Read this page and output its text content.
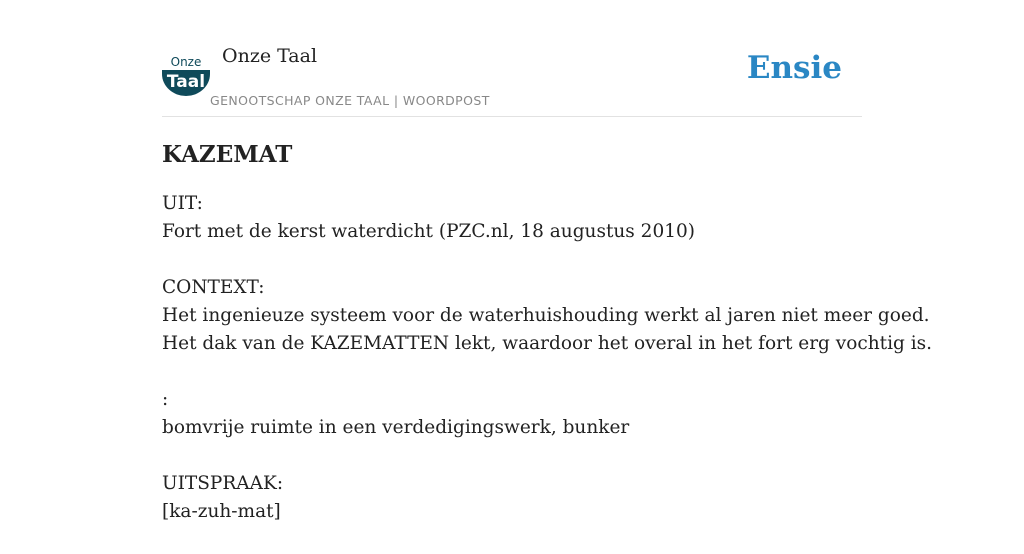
Onze
Taal
Onze Taal
GENOOTSCHAP ONZE TAAL | WOORDPOST
Ensie
KAZEMAT
UIT:
Fort met de kerst waterdicht (PZC.nl, 18 augustus 2010)
CONTEXT:
Het ingenieuze systeem voor de waterhuishouding werkt al jaren niet meer goed.
Het dak van de KAZEMATTEN lekt, waardoor het overal in het fort erg vochtig is.
:
bomvrije ruimte in een verdedigingswerk, bunker
UITSPRAAK:
[ka-zuh-mat]
